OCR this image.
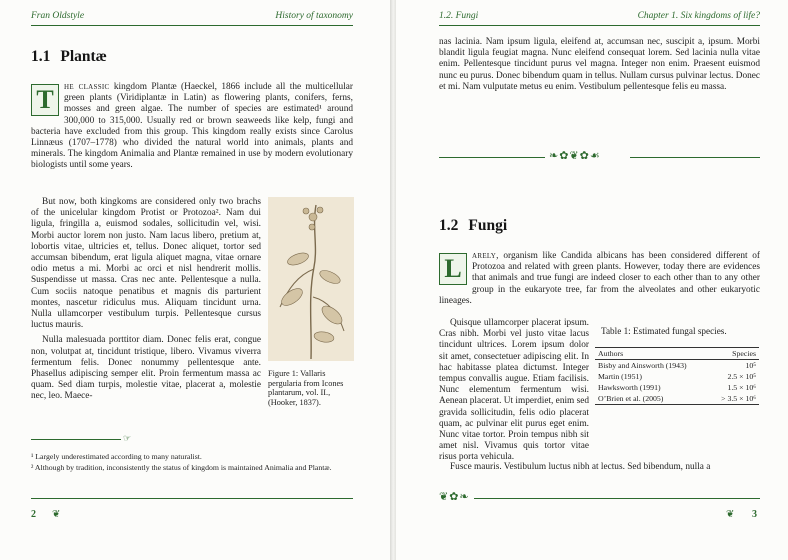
Fran Oldstyle	History of taxonomy
1.1 Plantæ

T	he classic kingdom Plantæ (Haeckel, 1866 include all the multicellular green plants (Viridiplantæ in Latin) as flowering plants, conifers, ferns, mosses and green algae. The number of species are estimated¹ around 300,000 to 315,000. Usually red or brown seaweeds like kelp, fungi and bacteria have excluded from this group. This kingdom really exists since Carolus Linnæus (1707–1778) who divided the natural world into animals, plants and minerals. The kingdom Animalia and Plantæ remained in use by modern evolutionary biologists until some years.

But now, both kingkoms are considered only two brachs of the unicelular kingdom Protist or Protozoa². Nam dui ligula, fringilla a, euismod sodales, sollicitudin vel, wisi. Morbi auctor lorem non justo. Nam lacus libero, pretium at, lobortis vitae, ultricies et, tellus. Donec aliquet, tortor sed accumsan bibendum, erat ligula aliquet magna, vitae ornare odio metus a mi. Morbi ac orci et nisl hendrerit mollis. Suspendisse ut massa. Cras nec ante. Pellentesque a nulla. Cum sociis natoque penatibus et magnis dis parturient montes, nascetur ridiculus mus. Aliquam tincidunt urna. Nulla ullamcorper vestibulum turpis. Pellentesque cursus luctus mauris.

Nulla malesuada porttitor diam. Donec felis erat, congue non, volutpat at, tincidunt tristique, libero. Vivamus viverra fermentum felis. Donec nonummy pellentesque ante. Phasellus adipiscing semper elit. Proin fermentum massa ac quam. Sed diam turpis, molestie vitae, placerat a, molestie nec, leo. Maece-

Figure 1: Vallaris pergularia from Icones plantarum, vol. II., (Hooker, 1837).
☞
¹ Largely underestimated according to many naturalist.
² Although by tradition, inconsistently the status of kingdom is maintained Animalia and Plantæ.
2 ❦
1.2. Fungi	Chapter 1. Six kingdoms of life?

nas lacinia. Nam ipsum ligula, eleifend at, accumsan nec, suscipit a, ipsum. Morbi blandit ligula feugiat magna. Nunc eleifend consequat lorem. Sed lacinia nulla vitae enim. Pellentesque tincidunt purus vel magna. Integer non enim. Praesent euismod nunc eu purus. Donec bibendum quam in tellus. Nullam cursus pulvinar lectus. Donec et mi. Nam vulputate metus eu enim. Vestibulum pellentesque felis eu massa.

❧✿❦✿☙
1.2 Fungi

L	arely, organism like Candida albicans has been considered different of Protozoa and related with green plants. However, today there are evidences that animals and true fungi are indeed closer to each other than to any other group in the eukaryote tree, far from the alveolates and other eukaryotic lineages.

Quisque ullamcorper placerat ipsum. Cras nibh. Morbi vel justo vitae lacus tincidunt ultrices. Lorem ipsum dolor sit amet, consectetuer adipiscing elit. In hac habitasse platea dictumst. Integer tempus convallis augue. Etiam facilisis. Nunc elementum fermentum wisi. Aenean placerat. Ut imperdiet, enim sed gravida sollicitudin, felis odio placerat quam, ac pulvinar elit purus eget enim. Nunc vitae tortor. Proin tempus nibh sit amet nisl. Vivamus quis tortor vitae risus porta vehicula.

Fusce mauris. Vestibulum luctus nibh at lectus. Sed bibendum, nulla a

Table 1: Estimated fungal species.
Authors	Species
Bisby and Ainsworth (1943)	10⁵
Martin (1951)	2.5 × 10⁵
Hawksworth (1991)	1.5 × 10⁶
O’Brien et al. (2005)	> 3.5 × 10⁶
❦✿❧
❦ 3
